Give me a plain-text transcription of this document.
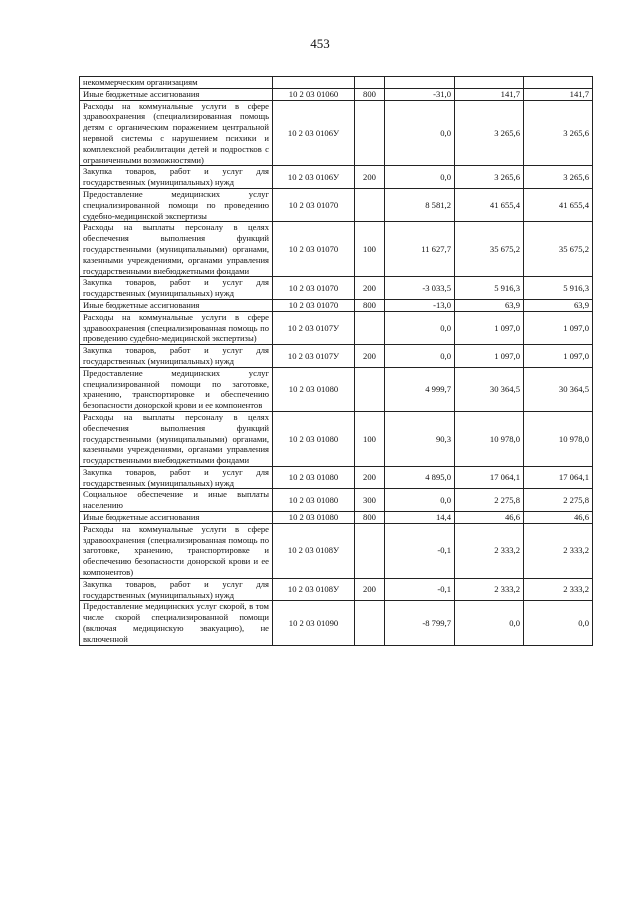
453
некоммерческим организациям					
Иные бюджетные ассигнования	10 2 03 01060	800	-31,0	141,7	141,7
Расходы на коммунальные услуги в сфере здравоохранения (специализированная помощь детям с органическим поражением центральной нервной системы с нарушением психики и комплексной реабилитации детей и подростков с ограниченными возможностями)	10 2 03 0106У		0,0	3 265,6	3 265,6
Закупка товаров, работ и услуг для государственных (муниципальных) нужд	10 2 03 0106У	200	0,0	3 265,6	3 265,6
Предоставление медицинских услуг специализированной помощи по проведению судебно-медицинской экспертизы	10 2 03 01070		8 581,2	41 655,4	41 655,4
Расходы на выплаты персоналу в целях обеспечения выполнения функций государственными (муниципальными) органами, казенными учреждениями, органами управления государственными внебюджетными фондами	10 2 03 01070	100	11 627,7	35 675,2	35 675,2
Закупка товаров, работ и услуг для государственных (муниципальных) нужд	10 2 03 01070	200	-3 033,5	5 916,3	5 916,3
Иные бюджетные ассигнования	10 2 03 01070	800	-13,0	63,9	63,9
Расходы на коммунальные услуги в сфере здравоохранения (специализированная помощь по проведению судебно-медицинской экспертизы)	10 2 03 0107У		0,0	1 097,0	1 097,0
Закупка товаров, работ и услуг для государственных (муниципальных) нужд	10 2 03 0107У	200	0,0	1 097,0	1 097,0
Предоставление медицинских услуг специализированной помощи по заготовке, хранению, транспортировке и обеспечению безопасности донорской крови и ее компонентов	10 2 03 01080		4 999,7	30 364,5	30 364,5
Расходы на выплаты персоналу в целях обеспечения выполнения функций государственными (муниципальными) органами, казенными учреждениями, органами управления государственными внебюджетными фондами	10 2 03 01080	100	90,3	10 978,0	10 978,0
Закупка товаров, работ и услуг для государственных (муниципальных) нужд	10 2 03 01080	200	4 895,0	17 064,1	17 064,1
Социальное обеспечение и иные выплаты населению	10 2 03 01080	300	0,0	2 275,8	2 275,8
Иные бюджетные ассигнования	10 2 03 01080	800	14,4	46,6	46,6
Расходы на коммунальные услуги в сфере здравоохранения (специализированная помощь по заготовке, хранению, транспортировке и обеспечению безопасности донорской крови и ее компонентов)	10 2 03 0108У		-0,1	2 333,2	2 333,2
Закупка товаров, работ и услуг для государственных (муниципальных) нужд	10 2 03 0108У	200	-0,1	2 333,2	2 333,2
Предоставление медицинских услуг скорой, в том числе скорой специализированной помощи (включая медицинскую эвакуацию), не включенной	10 2 03 01090		-8 799,7	0,0	0,0
